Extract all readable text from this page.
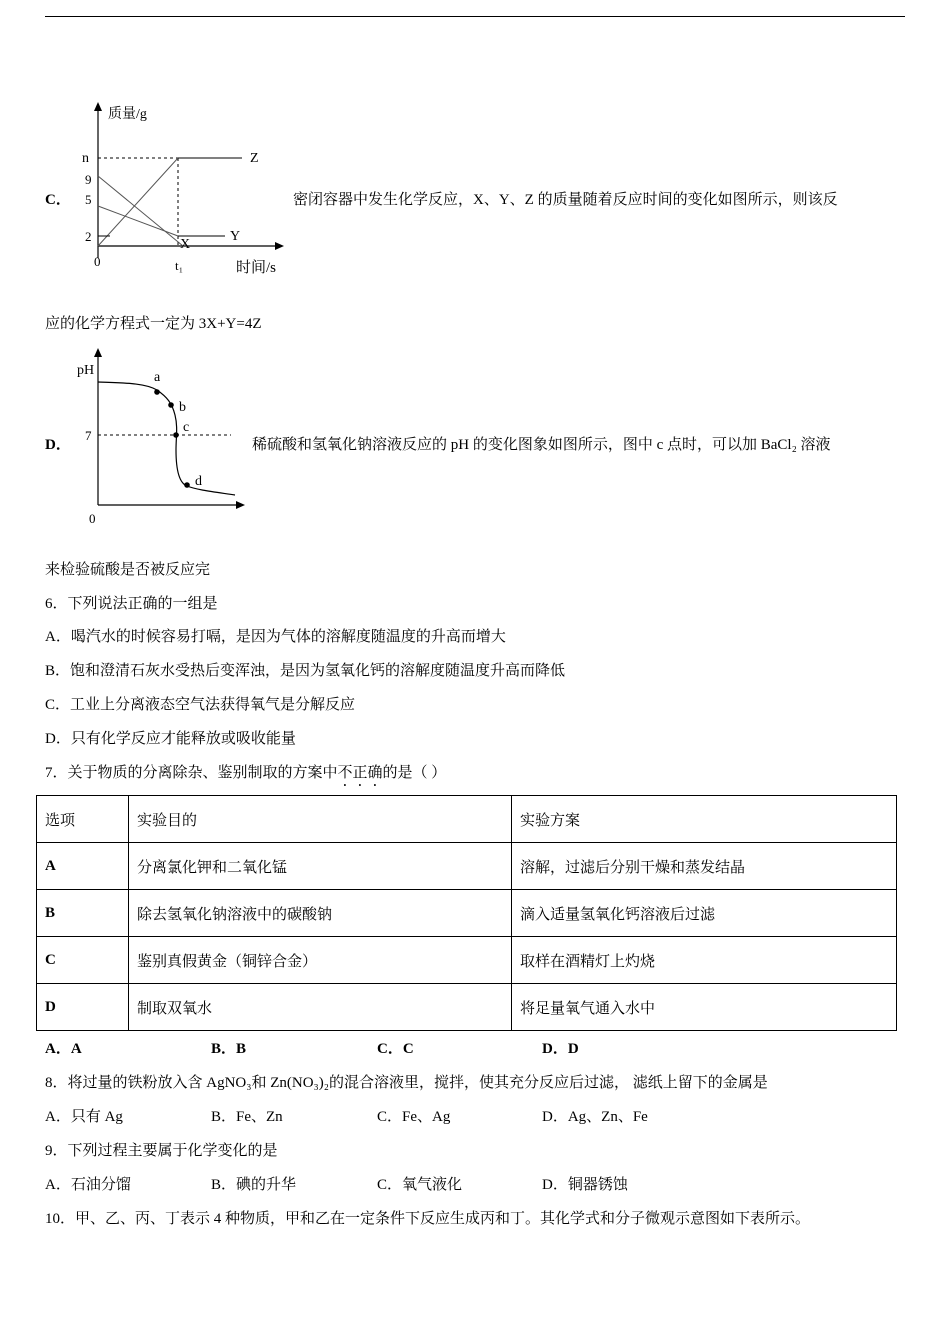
C．
质量/g
n
9
5
2
0	t₁	时间/s
Z
Y
X
密闭容器中发生化学反应，X、Y、Z 的质量随着反应时间的变化如图所示，则该反
应的化学方程式一定为 3X+Y=4Z
D．
pH
7
0
a
b
c
d
稀硫酸和氢氧化钠溶液反应的 pH 的变化图象如图所示，图中 c 点时，可以加 BaCl₂ 溶液
来检验硫酸是否被反应完
6．下列说法正确的一组是
A．喝汽水的时候容易打嗝，是因为气体的溶解度随温度的升高而增大
B．饱和澄清石灰水受热后变浑浊，是因为氢氧化钙的溶解度随温度升高而降低
C．工业上分离液态空气法获得氧气是分解反应
D．只有化学反应才能释放或吸收能量
7．关于物质的分离除杂、鉴别制取的方案中不正确的是（ ）
选项	实验目的	实验方案
A	分离氯化钾和二氧化锰	溶解，过滤后分别干燥和蒸发结晶
B	除去氢氧化钠溶液中的碳酸钠	滴入适量氢氧化钙溶液后过滤
C	鉴别真假黄金（铜锌合金）	取样在酒精灯上灼烧
D	制取双氧水	将足量氧气通入水中
A．A	B．B	C．C	D．D
8．将过量的铁粉放入含 AgNO₃和 Zn(NO₃)₂的混合溶液里，搅拌，使其充分反应后过滤， 滤纸上留下的金属是
A．只有 Ag	B．Fe、Zn	C．Fe、Ag	D．Ag、Zn、Fe
9．下列过程主要属于化学变化的是
A．石油分馏	B．碘的升华	C．氧气液化	D．铜器锈蚀
10．甲、乙、丙、丁表示 4 种物质，甲和乙在一定条件下反应生成丙和丁。其化学式和分子微观示意图如下表所示。
